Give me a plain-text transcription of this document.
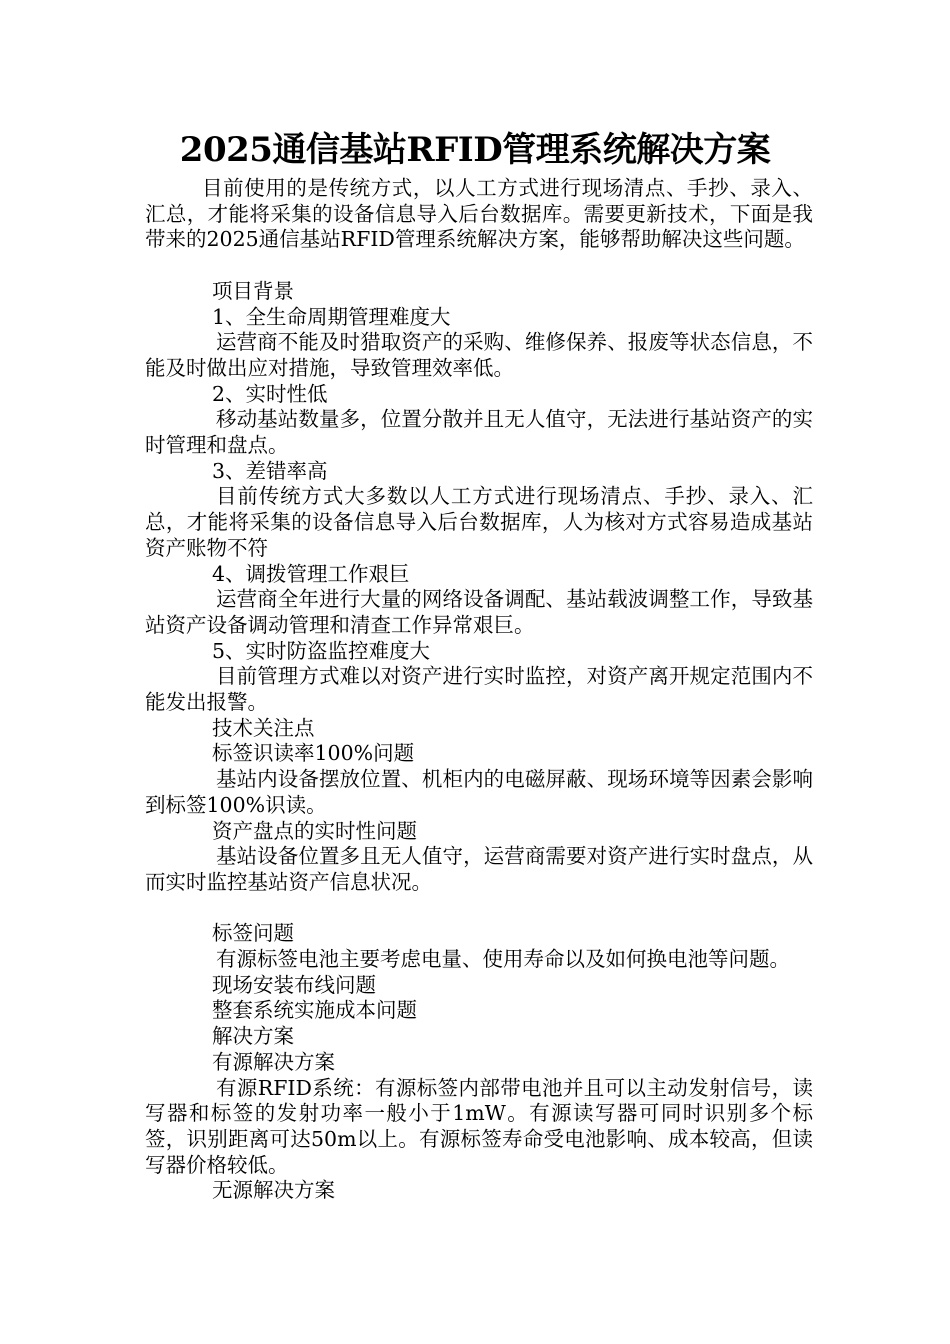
2025通信基站RFID管理系统解决方案

目前使用的是传统方式，以人工方式进行现场清点、手抄、录入、汇总，才能将采集的设备信息导入后台数据库。需要更新技术，下面是我带来的2025通信基站RFID管理系统解决方案，能够帮助解决这些问题。

项目背景

1、全生命周期管理难度大

运营商不能及时猎取资产的采购、维修保养、报废等状态信息，不能及时做出应对措施，导致管理效率低。

2、实时性低

移动基站数量多，位置分散并且无人值守，无法进行基站资产的实时管理和盘点。

3、差错率高

目前传统方式大多数以人工方式进行现场清点、手抄、录入、汇总，才能将采集的设备信息导入后台数据库，人为核对方式容易造成基站资产账物不符

4、调拨管理工作艰巨

运营商全年进行大量的网络设备调配、基站载波调整工作，导致基站资产设备调动管理和清查工作异常艰巨。

5、实时防盗监控难度大

目前管理方式难以对资产进行实时监控，对资产离开规定范围内不能发出报警。

技术关注点

标签识读率100%问题

基站内设备摆放位置、机柜内的电磁屏蔽、现场环境等因素会影响到标签100%识读。

资产盘点的实时性问题

基站设备位置多且无人值守，运营商需要对资产进行实时盘点，从而实时监控基站资产信息状况。

标签问题

有源标签电池主要考虑电量、使用寿命以及如何换电池等问题。

现场安装布线问题

整套系统实施成本问题

解决方案

有源解决方案

有源RFID系统：有源标签内部带电池并且可以主动发射信号，读写器和标签的发射功率一般小于1mW。有源读写器可同时识别多个标签，识别距离可达50m以上。有源标签寿命受电池影响、成本较高，但读写器价格较低。

无源解决方案
